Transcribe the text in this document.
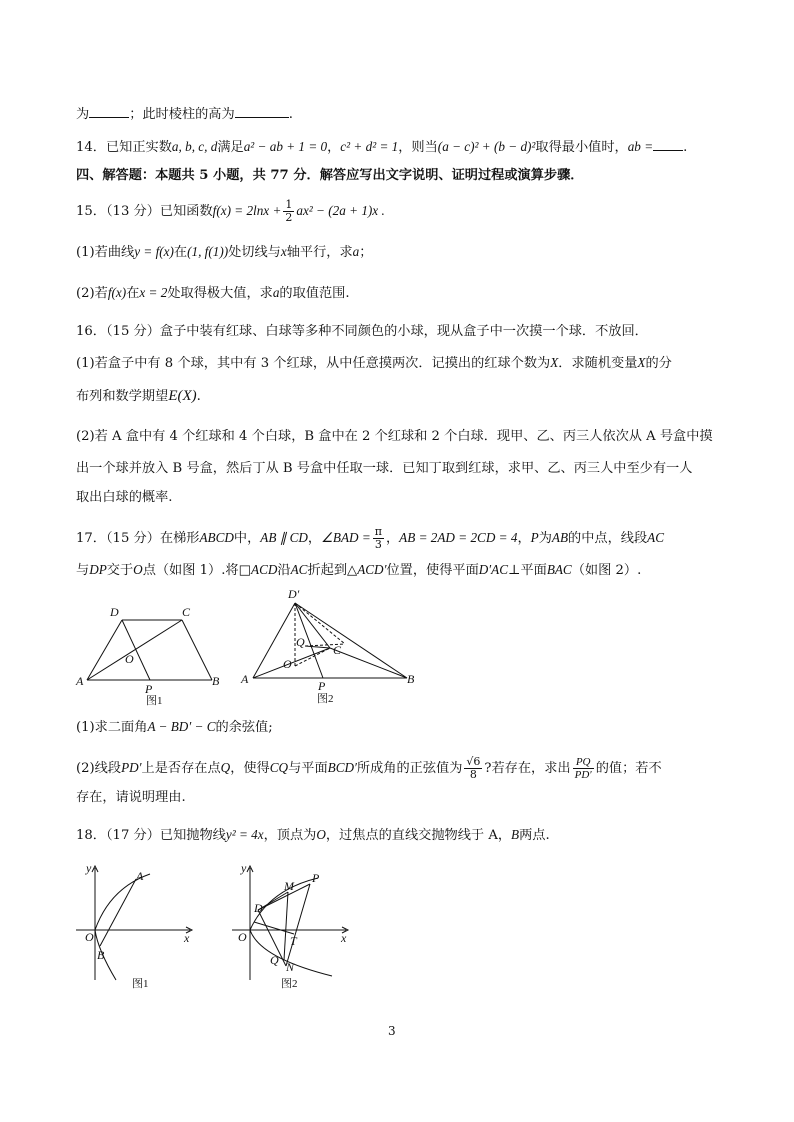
为	；此时棱柱的高为	.
14．已知正实数a, b, c, d满足a² − ab + 1 = 0，c² + d² = 1，则当(a − c)² + (b − d)²取得最小值时，ab = .
四、解答题：本题共 5 小题，共 77 分．解答应写出文字说明、证明过程或演算步骤．
15．（13 分）已知函数$f(x) = 2\ln x + \frac{1}{2} ax^2 - (2a + 1)x$ .
(1)若曲线y = f(x)在(1, f(1))处切线与x轴平行，求a；
(2)若f(x)在x = 2处取得极大值，求a的取值范围.
16．（15 分）盒子中装有红球、白球等多种不同颜色的小球，现从盒子中一次摸一个球．不放回．
(1)若盒子中有 8 个球，其中有 3 个红球，从中任意摸两次．记摸出的红球个数为X．求随机变量X的分
布列和数学期望E(X).
(2)若 A 盒中有 4 个红球和 4 个白球，B 盒中在 2 个红球和 2 个白球．现甲、乙、丙三人依次从 A 号盒中摸
出一个球并放入 B 号盒，然后丁从 B 号盒中任取一球．已知丁取到红球，求甲、乙、丙三人中至少有一人
取出白球的概率.
17．（15 分）在梯形ABCD中，AB ∥ CD，∠BAD = $\frac{\pi}{3}$ ，AB = 2AD = 2CD = 4，P为AB的中点，线段AC
与DP交于O点（如图 1）.将□ACD沿AC折起到△ACD′位置，使得平面D′AC⊥平面BAC（如图 2）.
D	C
O
A
P
B
图1
D′
Q
C
O
A	P	B
图2
(1)求二面角A − BD′ − C的余弦值;
(2)线段PD′上是否存在点Q，使得CQ与平面BCD′所成角的正弦值为 $\frac{√6}{8}$ ?若存在，求出 $\frac{PQ}{PD'}$ 的值；若不
存在，请说明理由.
18．（17 分）已知抛物线y² = 4x，顶点为O，过焦点的直线交抛物线于 A，B两点.
y
A
O	x
B
图1
y
M
P
D
O	T	x
Q N
图2
3
